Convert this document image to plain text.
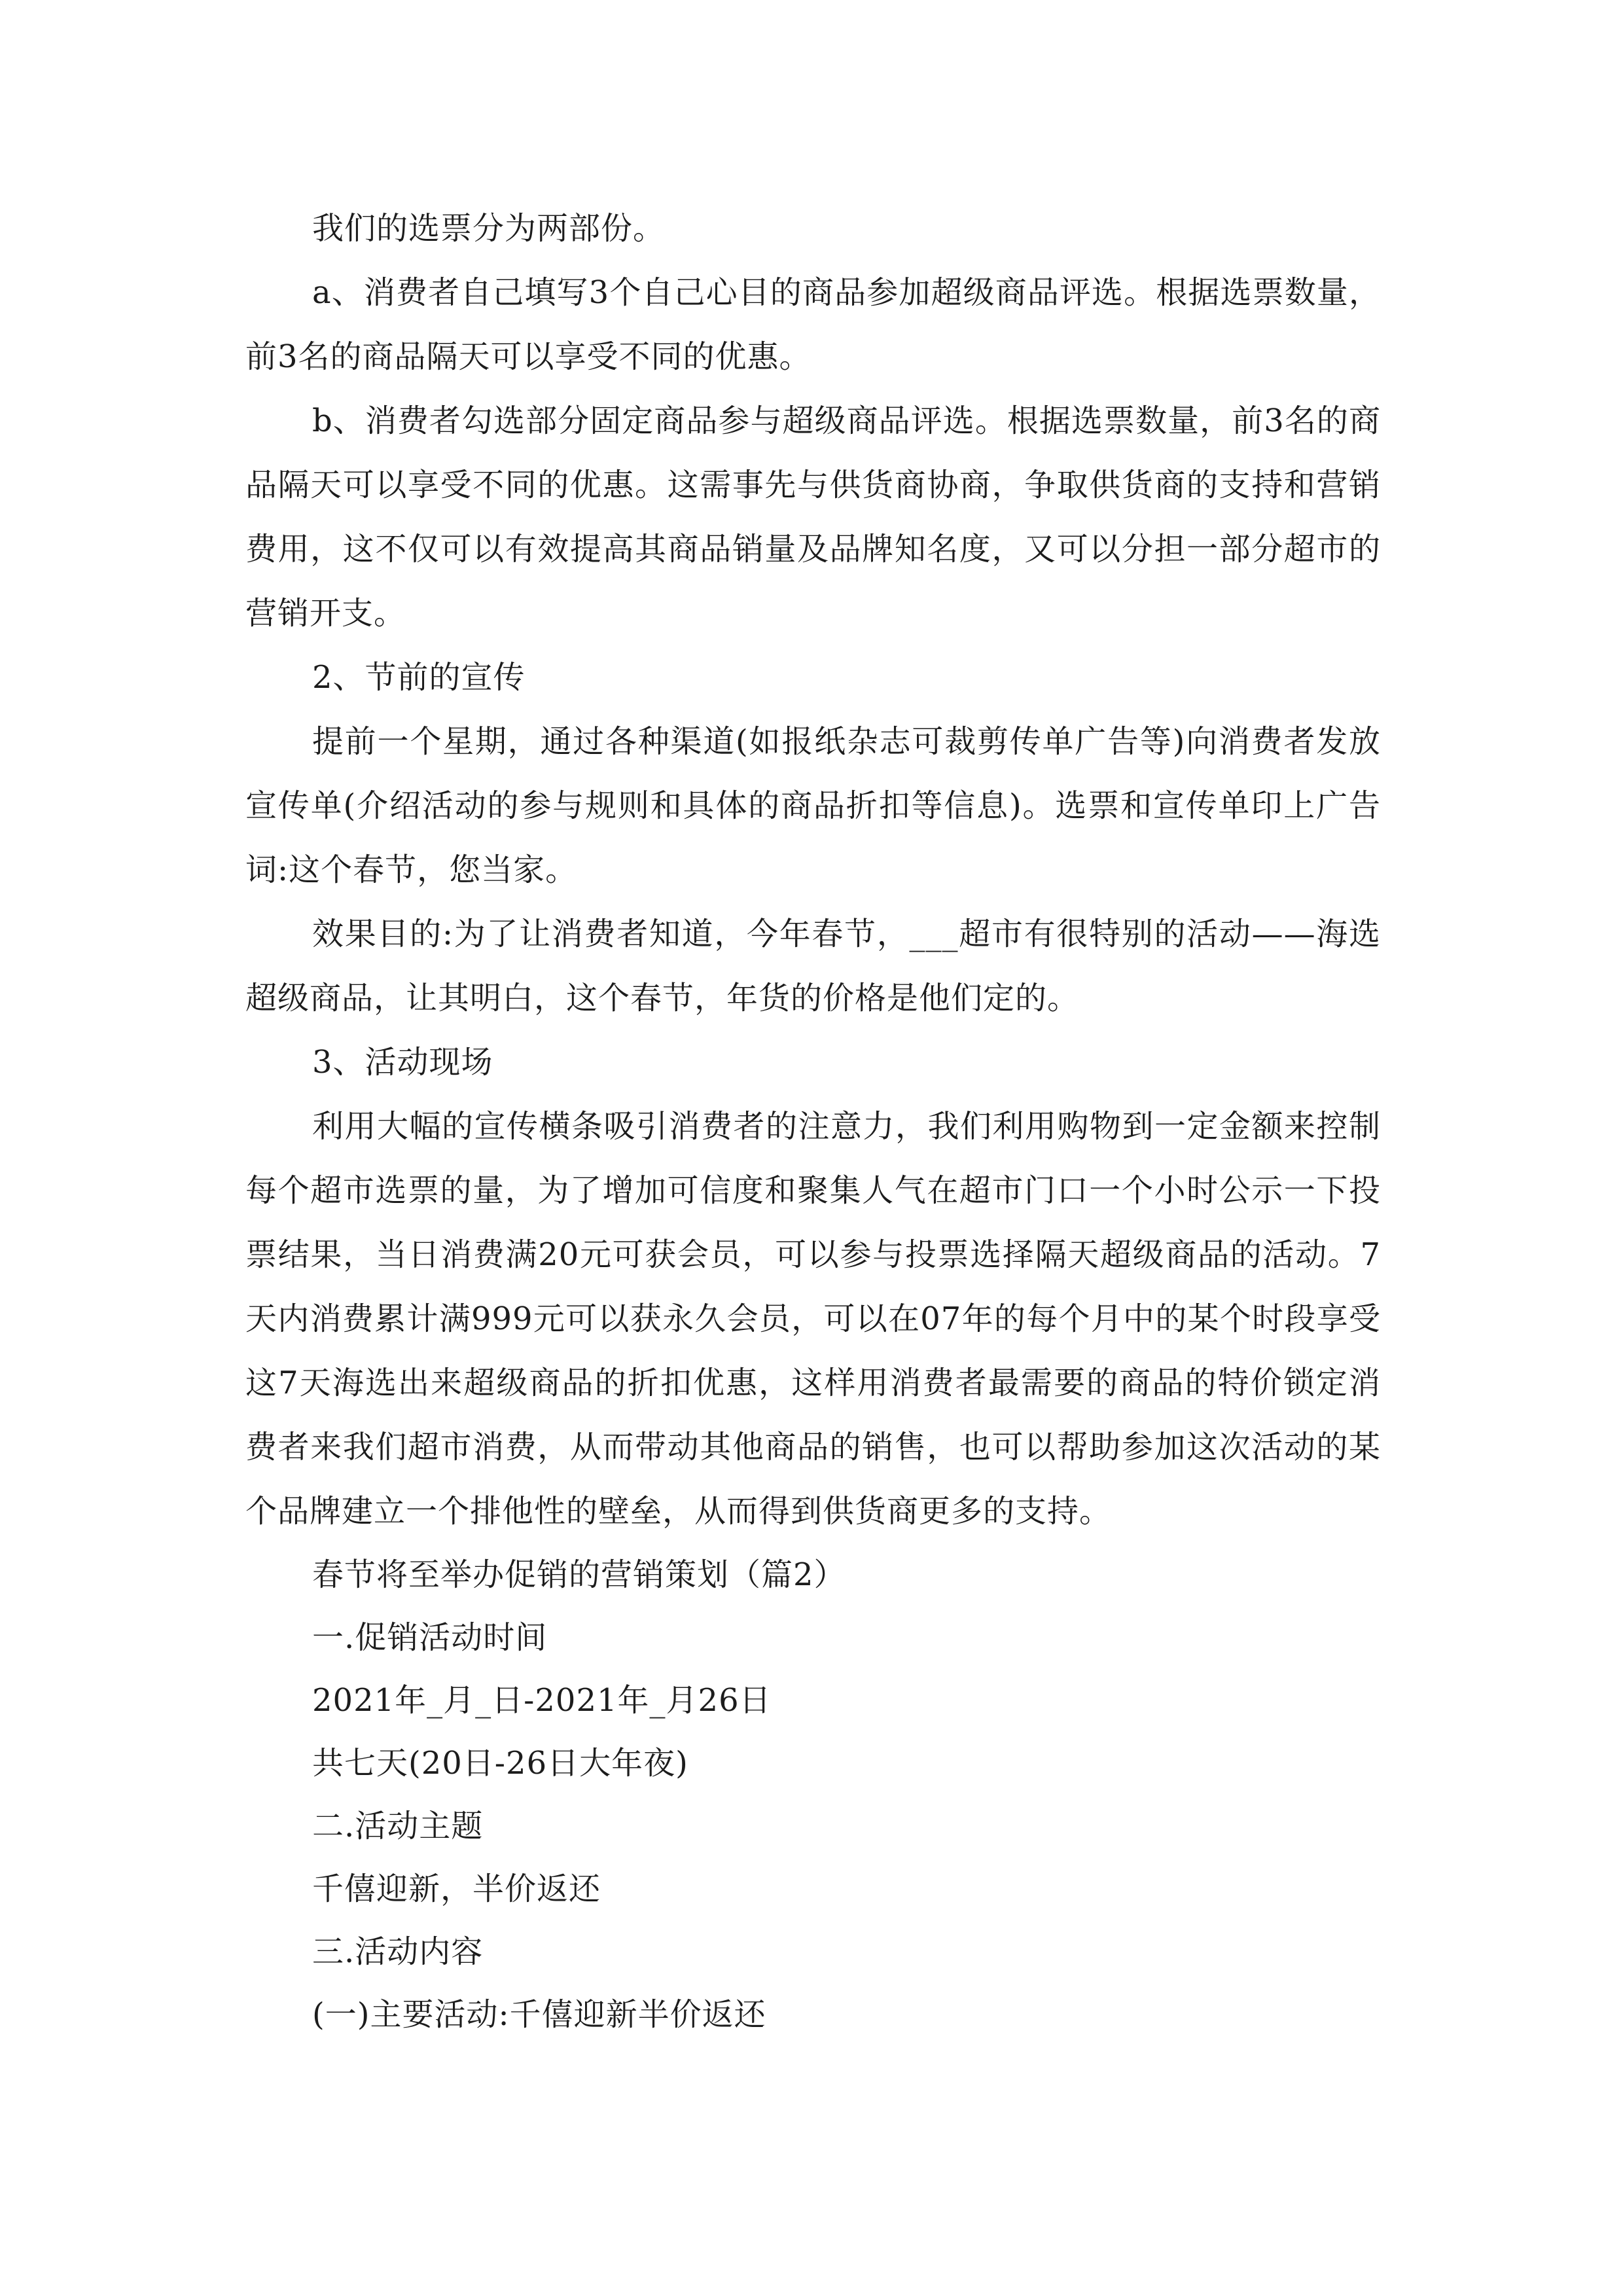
我们的选票分为两部份。

a、消费者自己填写3个自己心目的商品参加超级商品评选。根据选票数量，前3名的商品隔天可以享受不同的优惠。

b、消费者勾选部分固定商品参与超级商品评选。根据选票数量，前3名的商品隔天可以享受不同的优惠。这需事先与供货商协商，争取供货商的支持和营销费用，这不仅可以有效提高其商品销量及品牌知名度，又可以分担一部分超市的营销开支。

2、节前的宣传

提前一个星期，通过各种渠道(如报纸杂志可裁剪传单广告等)向消费者发放宣传单(介绍活动的参与规则和具体的商品折扣等信息)。选票和宣传单印上广告词:这个春节，您当家。

效果目的:为了让消费者知道，今年春节，___超市有很特别的活动——海选超级商品，让其明白，这个春节，年货的价格是他们定的。

3、活动现场

利用大幅的宣传横条吸引消费者的注意力，我们利用购物到一定金额来控制每个超市选票的量，为了增加可信度和聚集人气在超市门口一个小时公示一下投票结果，当日消费满20元可获会员，可以参与投票选择隔天超级商品的活动。7天内消费累计满999元可以获永久会员，可以在07年的每个月中的某个时段享受这7天海选出来超级商品的折扣优惠，这样用消费者最需要的商品的特价锁定消费者来我们超市消费，从而带动其他商品的销售，也可以帮助参加这次活动的某个品牌建立一个排他性的壁垒，从而得到供货商更多的支持。

春节将至举办促销的营销策划（篇2）

一.促销活动时间

2021年_月_日-2021年_月26日

共七天(20日-26日大年夜)

二.活动主题

千僖迎新，半价返还

三.活动内容

(一)主要活动:千僖迎新半价返还
